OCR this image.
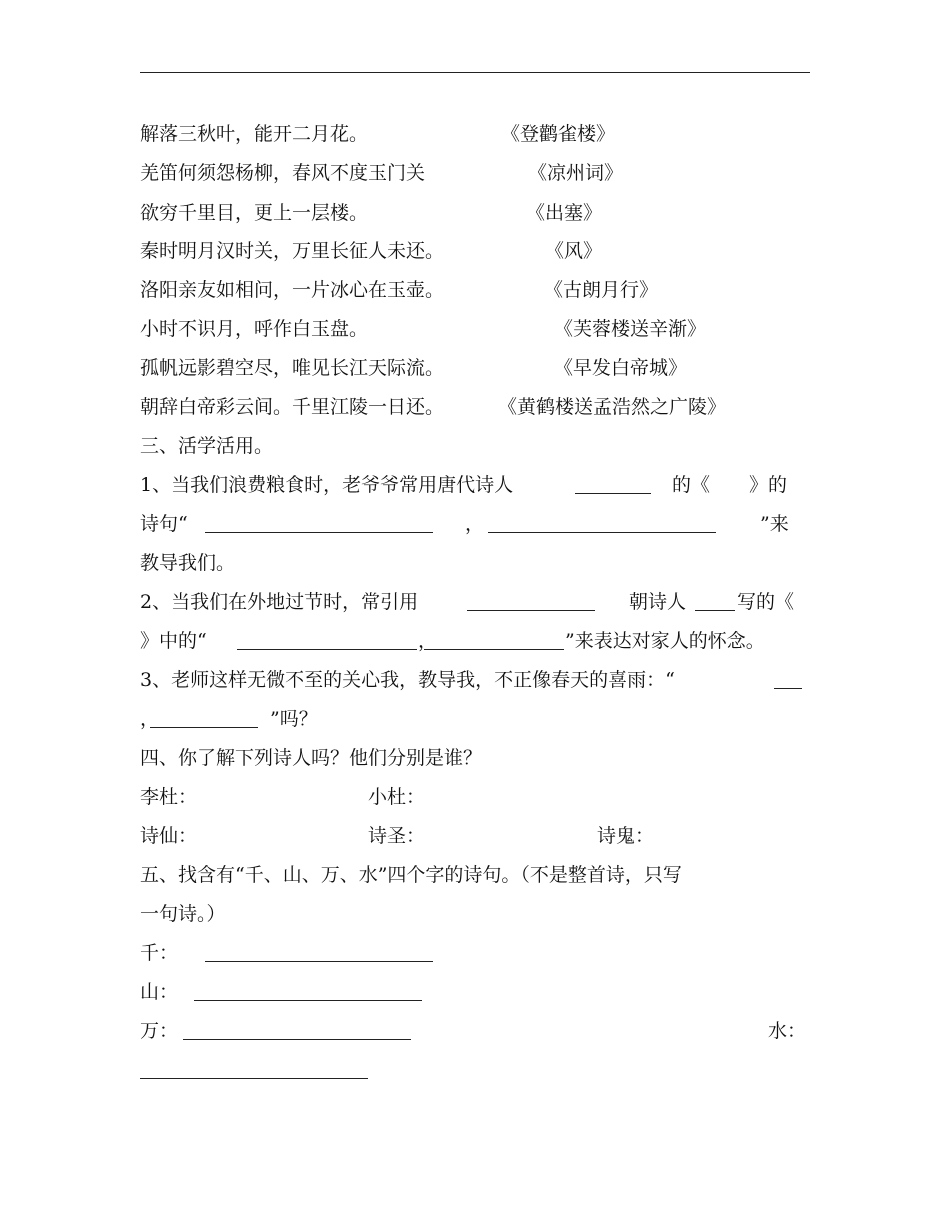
解落三秋叶，能开二月花。	《登鹳雀楼》
羌笛何须怨杨柳，春风不度玉门关	《凉州词》
欲穷千里目，更上一层楼。	《出塞》
秦时明月汉时关，万里长征人未还。	《风》
洛阳亲友如相问，一片冰心在玉壶。	《古朗月行》
小时不识月，呼作白玉盘。	《芙蓉楼送辛渐》
孤帆远影碧空尽，唯见长江天际流。	《早发白帝城》
朝辞白帝彩云间。千里江陵一日还。	《黄鹤楼送孟浩然之广陵》
三、活学活用。
1、当我们浪费粮食时，老爷爷常用唐代诗人	的《 》的
诗句“	，	”来
教导我们。
2、当我们在外地过节时，常引用	朝诗人	写的《
》中的“	，	”来表达对家人的怀念。
3、老师这样无微不至的关心我，教导我，不正像春天的喜雨：“
，	”吗？
四、你了解下列诗人吗？他们分别是谁？
李杜：	小杜：
诗仙：	诗圣：	诗鬼：
五、找含有“千、山、万、水”四个字的诗句。（不是整首诗，只写
一句诗。）
千：
山：
万：	水：
